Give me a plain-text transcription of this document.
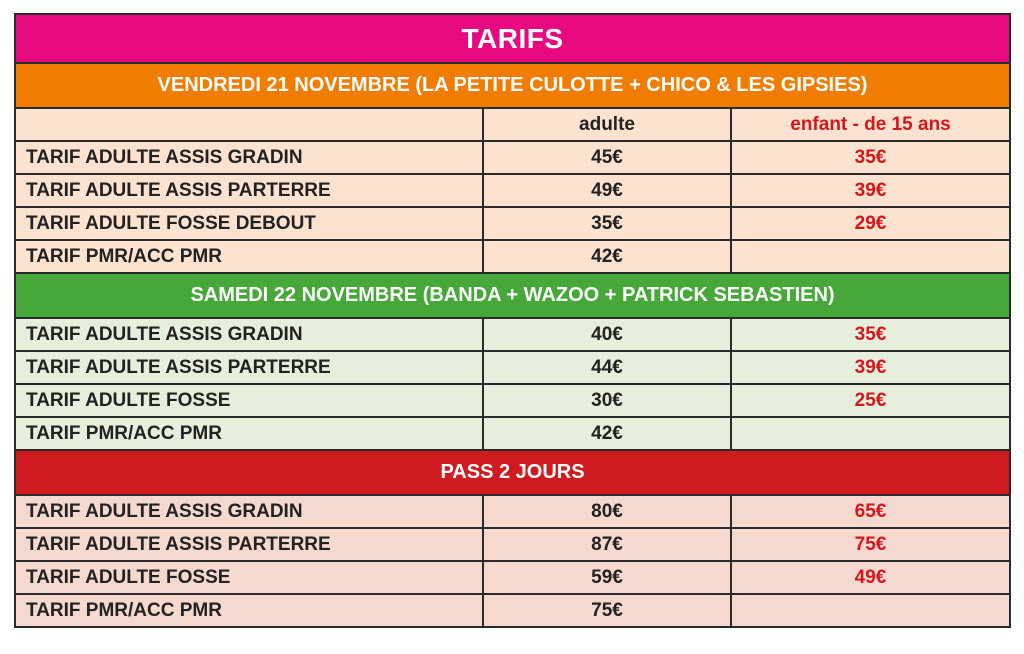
TARIFS		
VENDREDI 21 NOVEMBRE (LA PETITE CULOTTE + CHICO & LES GIPSIES)		
	adulte	enfant - de 15 ans
TARIF ADULTE ASSIS GRADIN	45€	35€
TARIF ADULTE ASSIS PARTERRE	49€	39€
TARIF ADULTE FOSSE DEBOUT	35€	29€
TARIF PMR/ACC PMR	42€	
SAMEDI 22 NOVEMBRE (BANDA + WAZOO + PATRICK SEBASTIEN)		
TARIF ADULTE ASSIS GRADIN	40€	35€
TARIF ADULTE ASSIS PARTERRE	44€	39€
TARIF ADULTE FOSSE	30€	25€
TARIF PMR/ACC PMR	42€	
PASS 2 JOURS		
TARIF ADULTE ASSIS GRADIN	80€	65€
TARIF ADULTE ASSIS PARTERRE	87€	75€
TARIF ADULTE FOSSE	59€	49€
TARIF PMR/ACC PMR	75€	
